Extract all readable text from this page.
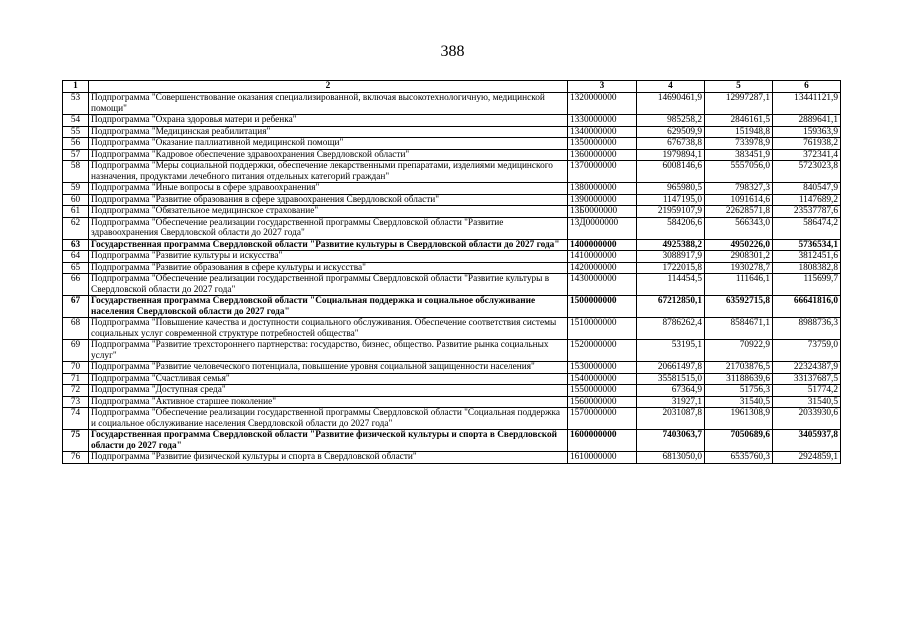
388
1	2	3	4	5	6
53	Подпрограмма "Совершенствование оказания специализированной, включая высокотехнологичную, медицинской помощи"	1320000000	14690461,9	12997287,1	13441121,9
54	Подпрограмма "Охрана здоровья матери и ребенка"	1330000000	985258,2	2846161,5	2889641,1
55	Подпрограмма "Медицинская реабилитация"	1340000000	629509,9	151948,8	159363,9
56	Подпрограмма "Оказание паллиативной медицинской помощи"	1350000000	676738,8	733978,9	761938,2
57	Подпрограмма "Кадровое обеспечение здравоохранения Свердловской области"	1360000000	1979894,1	383451,9	372341,4
58	Подпрограмма "Меры социальной поддержки, обеспечение лекарственными препаратами, изделиями медицинского назначения, продуктами лечебного питания отдельных категорий граждан"	1370000000	6008146,6	5557056,0	5723023,8
59	Подпрограмма "Иные вопросы в сфере здравоохранения"	1380000000	965980,5	798327,3	840547,9
60	Подпрограмма "Развитие образования в сфере здравоохранения Свердловской области"	1390000000	1147195,0	1091614,6	1147689,2
61	Подпрограмма "Обязательное медицинское страхование"	13Б0000000	21959107,9	22628571,8	23537787,6
62	Подпрограмма "Обеспечение реализации государственной программы Свердловской области "Развитие здравоохранения Свердловской области до 2027 года"	13Д0000000	584206,6	566343,0	586474,2
63	Государственная программа Свердловской области "Развитие культуры в Свердловской области до 2027 года"	1400000000	4925388,2	4950226,0	5736534,1
64	Подпрограмма "Развитие культуры и искусства"	1410000000	3088917,9	2908301,2	3812451,6
65	Подпрограмма "Развитие образования в сфере культуры и искусства"	1420000000	1722015,8	1930278,7	1808382,8
66	Подпрограмма "Обеспечение реализации государственной программы Свердловской области "Развитие культуры в Свердловской области до 2027 года"	1430000000	114454,5	111646,1	115699,7
67	Государственная программа Свердловской области "Социальная поддержка и социальное обслуживание населения Свердловской области до 2027 года"	1500000000	67212850,1	63592715,8	66641816,0
68	Подпрограмма "Повышение качества и доступности социального обслуживания. Обеспечение соответствия системы социальных услуг современной структуре потребностей общества"	1510000000	8786262,4	8584671,1	8988736,3
69	Подпрограмма "Развитие трехстороннего партнерства: государство, бизнес, общество. Развитие рынка социальных услуг"	1520000000	53195,1	70922,9	73759,0
70	Подпрограмма "Развитие человеческого потенциала, повышение уровня социальной защищенности населения"	1530000000	20661497,8	21703876,5	22324387,9
71	Подпрограмма "Счастливая семья"	1540000000	35581515,0	31188639,6	33137687,5
72	Подпрограмма "Доступная среда"	1550000000	67364,9	51756,3	51774,2
73	Подпрограмма "Активное старшее поколение"	1560000000	31927,1	31540,5	31540,5
74	Подпрограмма "Обеспечение реализации государственной программы Свердловской области "Социальная поддержка и социальное обслуживание населения Свердловской области до 2027 года"	1570000000	2031087,8	1961308,9	2033930,6
75	Государственная программа Свердловской области "Развитие физической культуры и спорта в Свердловской области до 2027 года"	1600000000	7403063,7	7050689,6	3405937,8
76	Подпрограмма "Развитие физической культуры и спорта в Свердловской области"	1610000000	6813050,0	6535760,3	2924859,1
